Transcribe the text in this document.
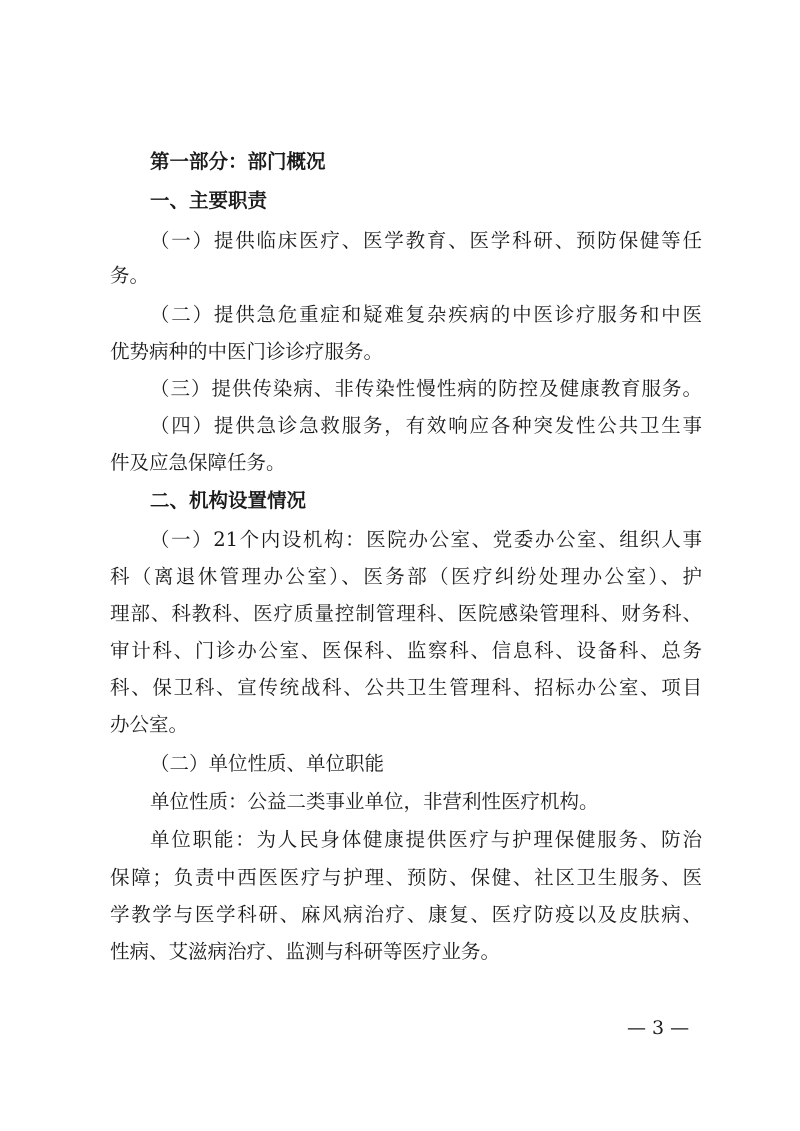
第一部分：部门概况
一、主要职责
（一）提供临床医疗、医学教育、医学科研、预防保健等任
务。
（二）提供急危重症和疑难复杂疾病的中医诊疗服务和中医
优势病种的中医门诊诊疗服务。
（三）提供传染病、非传染性慢性病的防控及健康教育服务。
（四）提供急诊急救服务，有效响应各种突发性公共卫生事
件及应急保障任务。
二、机构设置情况
（一）21个内设机构：医院办公室、党委办公室、组织人事
科（离退休管理办公室）、医务部（医疗纠纷处理办公室）、护
理部、科教科、医疗质量控制管理科、医院感染管理科、财务科、
审计科、门诊办公室、医保科、监察科、信息科、设备科、总务
科、保卫科、宣传统战科、公共卫生管理科、招标办公室、项目
办公室。
（二）单位性质、单位职能
单位性质：公益二类事业单位，非营利性医疗机构。
单位职能：为人民身体健康提供医疗与护理保健服务、防治
保障；负责中西医医疗与护理、预防、保健、社区卫生服务、医
学教学与医学科研、麻风病治疗、康复、医疗防疫以及皮肤病、
性病、艾滋病治疗、监测与科研等医疗业务。
— 3 —
